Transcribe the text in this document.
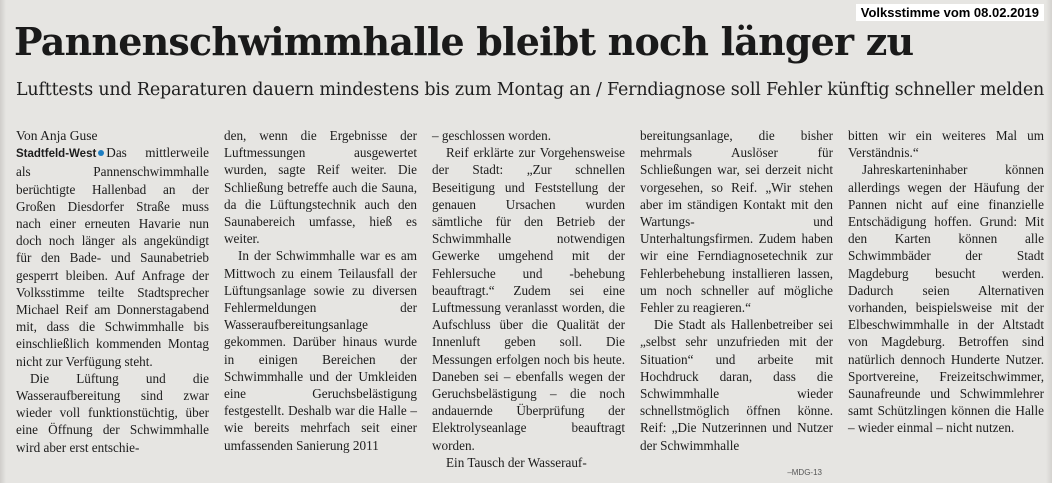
Volksstimme vom 08.02.2019
Pannenschwimmhalle bleibt noch länger zu
Lufttests und Reparaturen dauern mindestens bis zum Montag an / Ferndiagnose soll Fehler künftig schneller melden

Von Anja Guse

Stadtfeld-West Das mittlerweile als Pannenschwimmhalle berüchtigte Hallenbad an der Großen Diesdorfer Straße muss nach einer erneuten Havarie nun doch noch länger als angekündigt für den Bade- und Saunabetrieb gesperrt bleiben. Auf Anfrage der Volksstimme teilte Stadtsprecher Michael Reif am Donnerstagabend mit, dass die Schwimmhalle bis einschließlich kommenden Montag nicht zur Verfügung steht.

Die Lüftung und die Wasseraufbereitung sind zwar wieder voll funktionstüchtig, über eine Öffnung der Schwimmhalle wird aber erst entschie-

den, wenn die Ergebnisse der Luftmessungen ausgewertet wurden, sagte Reif weiter. Die Schließung betreffe auch die Sauna, da die Lüftungstechnik auch den Saunabereich umfasse, hieß es weiter.

In der Schwimmhalle war es am Mittwoch zu einem Teilausfall der Lüftungsanlage sowie zu diversen Fehlermeldungen der Wasseraufbereitungsanlage gekommen. Darüber hinaus wurde in einigen Bereichen der Schwimmhalle und der Umkleiden eine Geruchsbelästigung festgestellt. Deshalb war die Halle – wie bereits mehrfach seit einer umfassenden Sanierung 2011

– geschlossen worden.

Reif erklärte zur Vorgehensweise der Stadt: „Zur schnellen Beseitigung und Feststellung der genauen Ursachen wurden sämtliche für den Betrieb der Schwimmhalle notwendigen Gewerke umgehend mit der Fehlersuche und -behebung beauftragt.“ Zudem sei eine Luftmessung veranlasst worden, die Aufschluss über die Qualität der Innenluft geben soll. Die Messungen erfolgen noch bis heute. Daneben sei – ebenfalls wegen der Geruchsbelästigung – die noch andauernde Überprüfung der Elektrolyseanlage beauftragt worden.

Ein Tausch der Wasserauf-

bereitungsanlage, die bisher mehrmals Auslöser für Schließungen war, sei derzeit nicht vorgesehen, so Reif. „Wir stehen aber im ständigen Kontakt mit den Wartungs- und Unterhaltungsfirmen. Zudem haben wir eine Ferndiagnosetechnik zur Fehlerbehebung installieren lassen, um noch schneller auf mögliche Fehler zu reagieren.“

Die Stadt als Hallenbetreiber sei „selbst sehr unzufrieden mit der Situation“ und arbeite mit Hochdruck daran, dass die Schwimmhalle wieder schnellstmöglich öffnen könne. Reif: „Die Nutzerinnen und Nutzer der Schwimmhalle

bitten wir ein weiteres Mal um Verständnis.“

Jahreskarteninhaber können allerdings wegen der Häufung der Pannen nicht auf eine finanzielle Entschädigung hoffen. Grund: Mit den Karten können alle Schwimmbäder der Stadt Magdeburg besucht werden. Dadurch seien Alternativen vorhanden, beispielsweise mit der Elbeschwimmhalle in der Altstadt von Magdeburg. Betroffen sind natürlich dennoch Hunderte Nutzer. Sportvereine, Freizeitschwimmer, Saunafreunde und Schwimmlehrer samt Schützlingen können die Halle – wieder einmal – nicht nutzen.

–MDG-13
